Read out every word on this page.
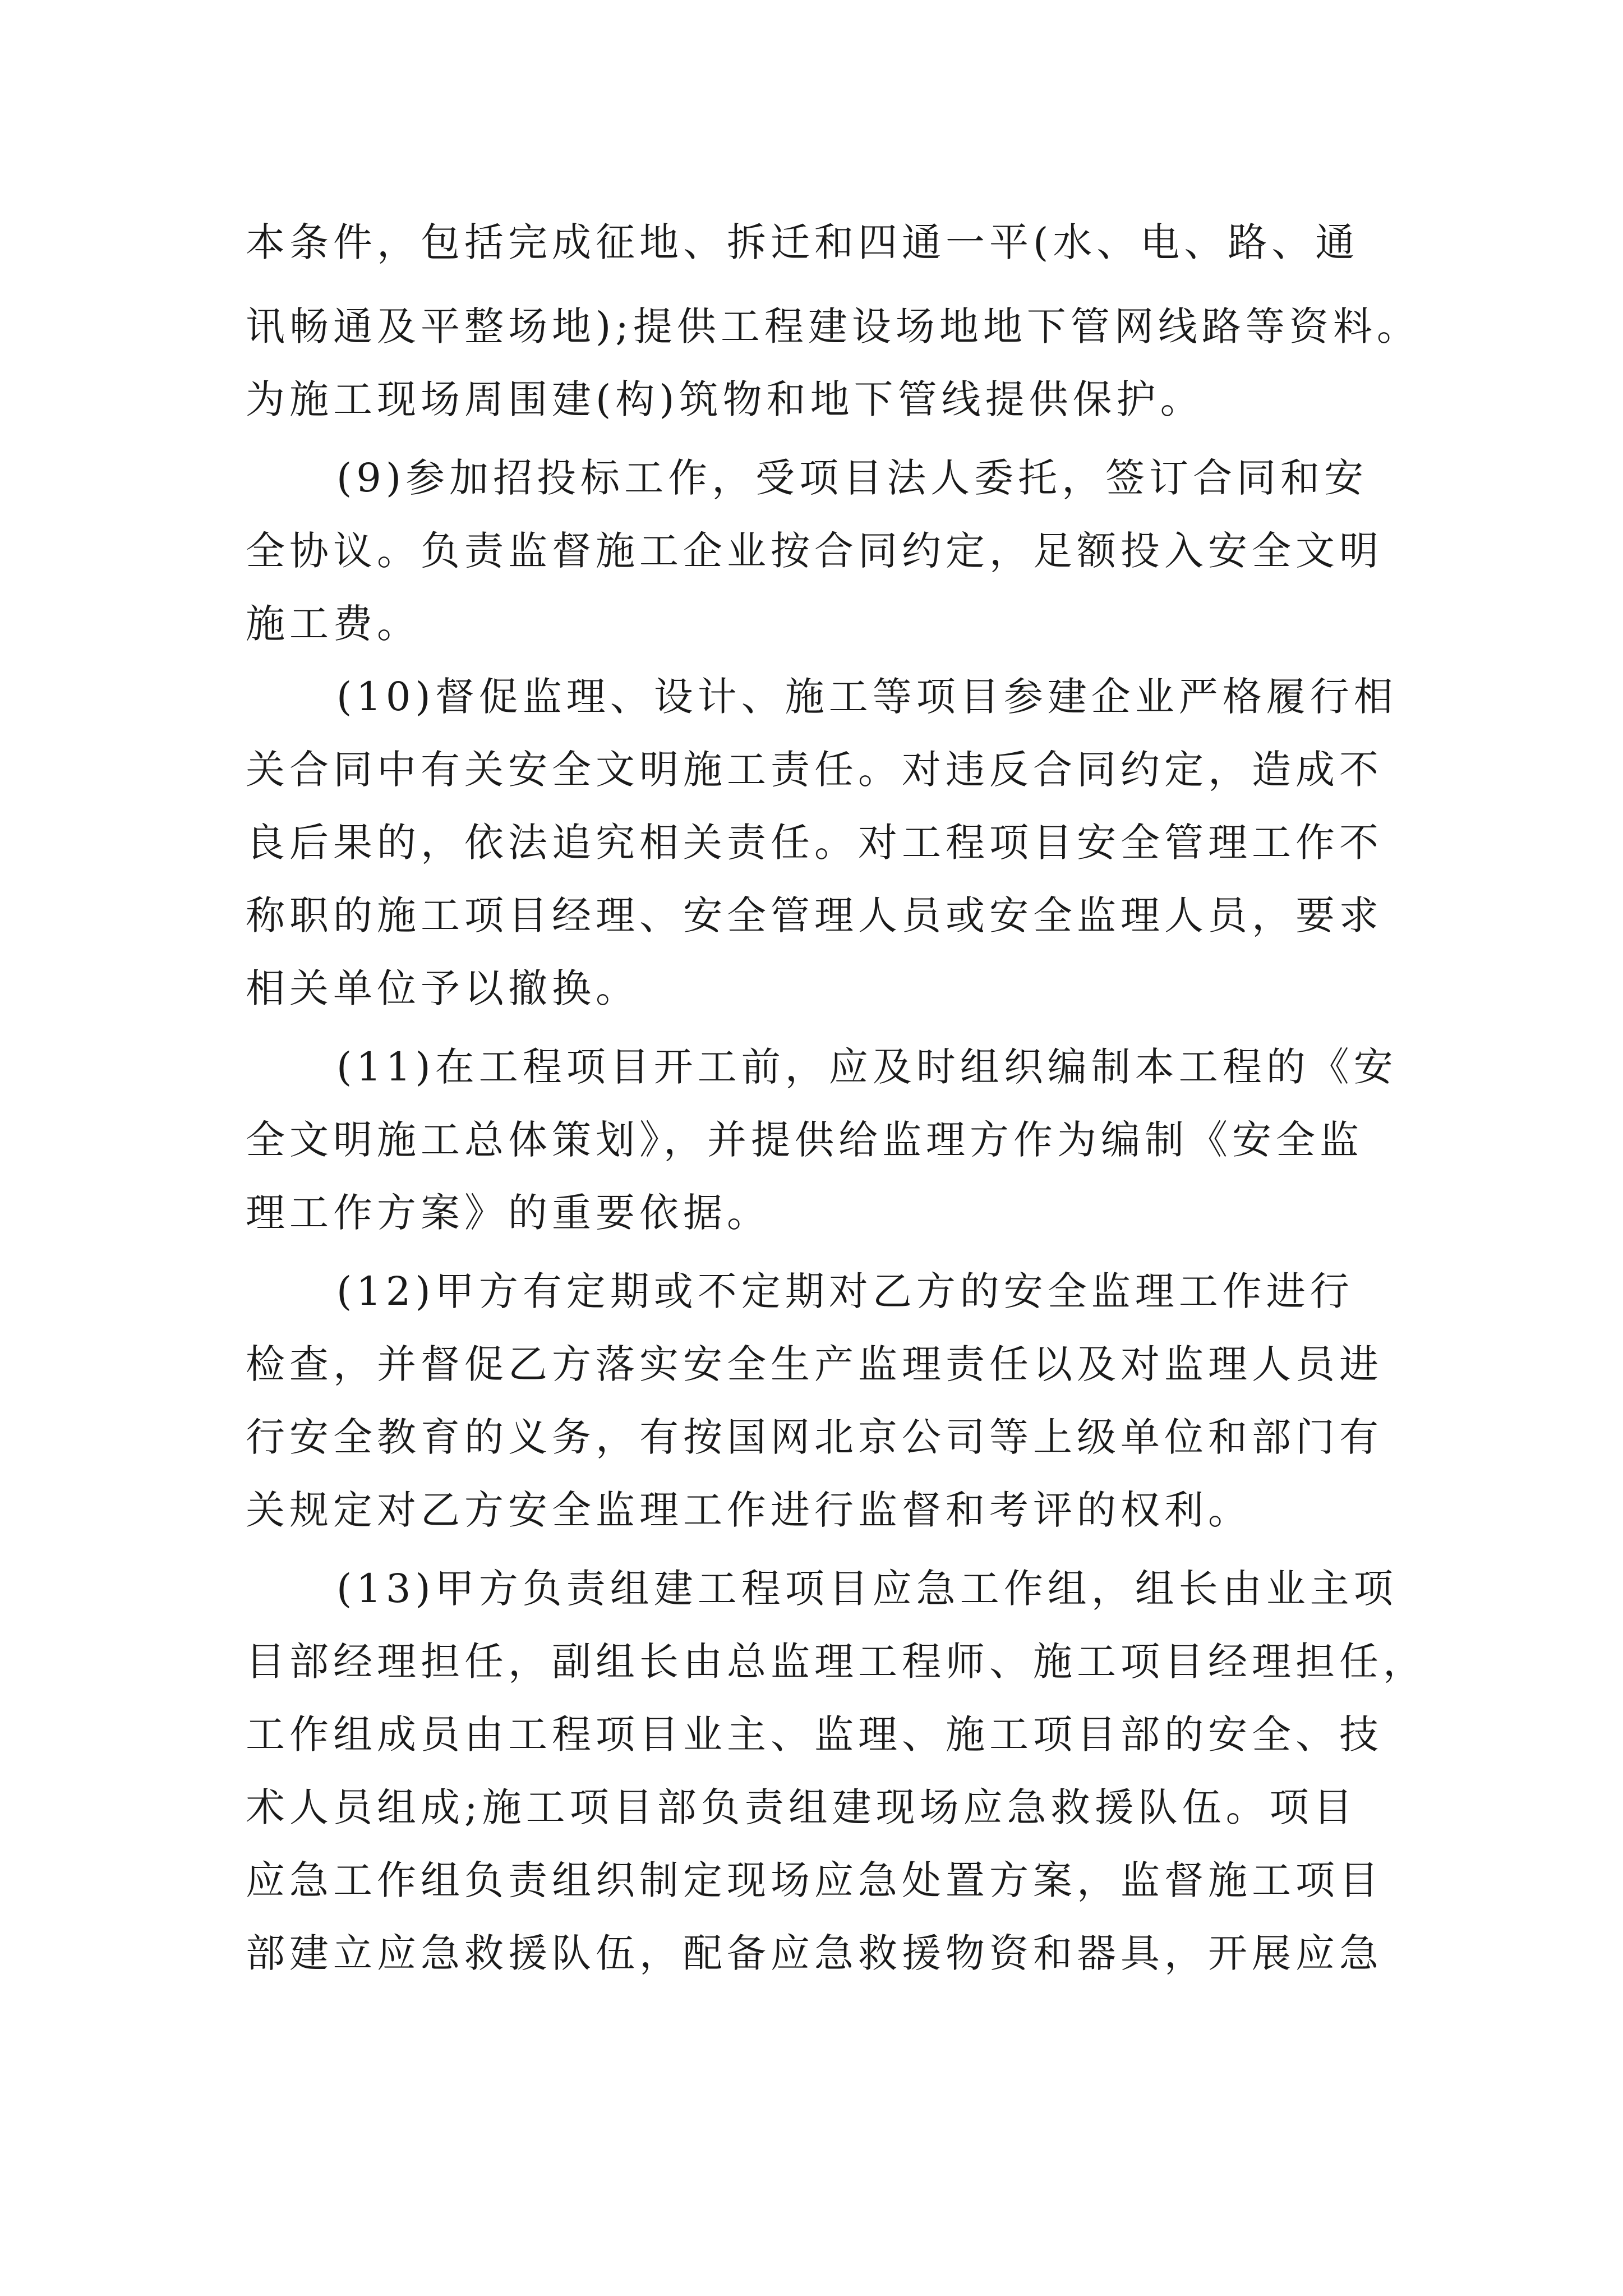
本条件，包括完成征地、拆迁和四通一平(水、电、路、通
讯畅通及平整场地);提供工程建设场地地下管网线路等资料。
为施工现场周围建(构)筑物和地下管线提供保护。
(9)参加招投标工作，受项目法人委托，签订合同和安
全协议。负责监督施工企业按合同约定，足额投入安全文明
施工费。
(10)督促监理、设计、施工等项目参建企业严格履行相
关合同中有关安全文明施工责任。对违反合同约定，造成不
良后果的，依法追究相关责任。对工程项目安全管理工作不
称职的施工项目经理、安全管理人员或安全监理人员，要求
相关单位予以撤换。
(11)在工程项目开工前，应及时组织编制本工程的《安
全文明施工总体策划》，并提供给监理方作为编制《安全监
理工作方案》的重要依据。
(12)甲方有定期或不定期对乙方的安全监理工作进行
检查，并督促乙方落实安全生产监理责任以及对监理人员进
行安全教育的义务，有按国网北京公司等上级单位和部门有
关规定对乙方安全监理工作进行监督和考评的权利。
(13)甲方负责组建工程项目应急工作组，组长由业主项
目部经理担任，副组长由总监理工程师、施工项目经理担任，
工作组成员由工程项目业主、监理、施工项目部的安全、技
术人员组成;施工项目部负责组建现场应急救援队伍。项目
应急工作组负责组织制定现场应急处置方案，监督施工项目
部建立应急救援队伍，配备应急救援物资和器具，开展应急
